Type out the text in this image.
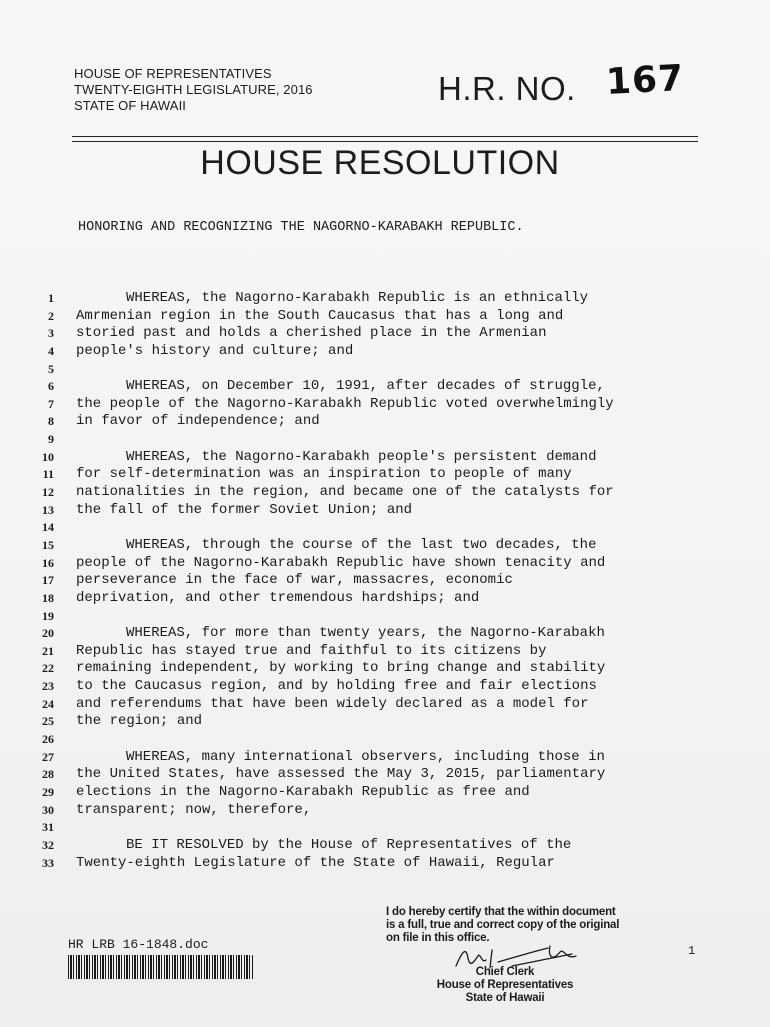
HOUSE OF REPRESENTATIVES
TWENTY-EIGHTH LEGISLATURE, 2016
STATE OF HAWAII	H.R. NO. 167
HOUSE RESOLUTION
HONORING AND RECOGNIZING THE NAGORNO-KARABAKH REPUBLIC.
1	WHEREAS, the Nagorno-Karabakh Republic is an ethnically
2 Amrmenian region in the South Caucasus that has a long and
3 storied past and holds a cherished place in the Armenian
4 people's history and culture; and
5
6	WHEREAS, on December 10, 1991, after decades of struggle,
7 the people of the Nagorno-Karabakh Republic voted overwhelmingly
8 in favor of independence; and
9
10	WHEREAS, the Nagorno-Karabakh people's persistent demand
11 for self-determination was an inspiration to people of many
12 nationalities in the region, and became one of the catalysts for
13 the fall of the former Soviet Union; and
14
15	WHEREAS, through the course of the last two decades, the
16 people of the Nagorno-Karabakh Republic have shown tenacity and
17 perseverance in the face of war, massacres, economic
18 deprivation, and other tremendous hardships; and
19
20	WHEREAS, for more than twenty years, the Nagorno-Karabakh
21 Republic has stayed true and faithful to its citizens by
22 remaining independent, by working to bring change and stability
23 to the Caucasus region, and by holding free and fair elections
24 and referendums that have been widely declared as a model for
25 the region; and
26
27	WHEREAS, many international observers, including those in
28 the United States, have assessed the May 3, 2015, parliamentary
29 elections in the Nagorno-Karabakh Republic as free and
30 transparent; now, therefore,
31
32	BE IT RESOLVED by the House of Representatives of the
33 Twenty-eighth Legislature of the State of Hawaii, Regular
HR LRB 16-1848.doc	1
I do hereby certify that the within document
is a full, true and correct copy of the original
on file in this office.
Chief Clerk
House of Representatives
State of Hawaii
